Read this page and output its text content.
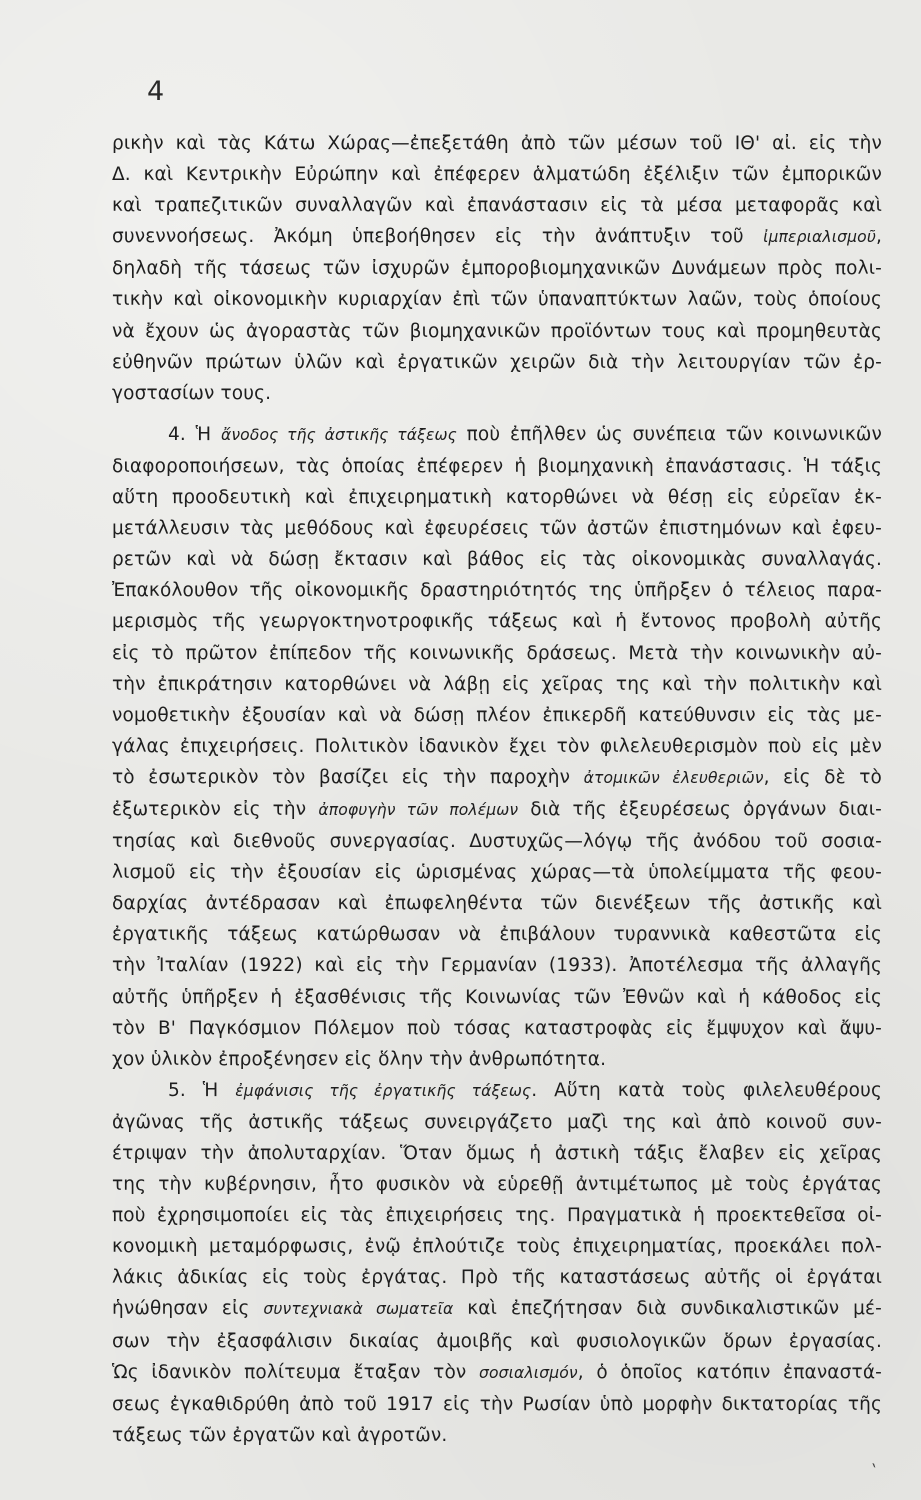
4

ρικὴν καὶ τὰς Κάτω Χώρας—ἐπεξετάθη ἀπὸ τῶν μέσων τοῦ ΙΘ' αἰ. εἰς τὴν

Δ. καὶ Κεντρικὴν Εὐρώπην καὶ ἐπέφερεν ἁλματώδη ἐξέλιξιν τῶν ἐμπορικῶν

καὶ τραπεζιτικῶν συναλλαγῶν καὶ ἐπανάστασιν εἰς τὰ μέσα μεταφορᾶς καὶ

συνεννοήσεως. Ἀκόμη ὑπεβοήθησεν εἰς τὴν ἀνάπτυξιν τοῦ ἰμπεριαλισμοῦ,

δηλαδὴ τῆς τάσεως τῶν ἰσχυρῶν ἐμποροβιομηχανικῶν Δυνάμεων πρὸς πολι-

τικὴν καὶ οἰκονομικὴν κυριαρχίαν ἐπὶ τῶν ὑπαναπτύκτων λαῶν, τοὺς ὁποίους

νὰ ἔχουν ὡς ἀγοραστὰς τῶν βιομηχανικῶν προϊόντων τους καὶ προμηθευτὰς

εὐθηνῶν πρώτων ὑλῶν καὶ ἐργατικῶν χειρῶν διὰ τὴν λειτουργίαν τῶν ἐρ-

γοστασίων τους.

4. Ἡ ἄνοδος τῆς ἀστικῆς τάξεως ποὺ ἐπῆλθεν ὡς συνέπεια τῶν κοινωνικῶν

διαφοροποιήσεων, τὰς ὁποίας ἐπέφερεν ἡ βιομηχανικὴ ἐπανάστασις. Ἡ τάξις

αὕτη προοδευτικὴ καὶ ἐπιχειρηματικὴ κατορθώνει νὰ θέσῃ εἰς εὐρεῖαν ἐκ-

μετάλλευσιν τὰς μεθόδους καὶ ἐφευρέσεις τῶν ἀστῶν ἐπιστημόνων καὶ ἐφευ-

ρετῶν καὶ νὰ δώσῃ ἔκτασιν καὶ βάθος εἰς τὰς οἰκονομικὰς συναλλαγάς.

Ἐπακόλουθον τῆς οἰκονομικῆς δραστηριότητός της ὑπῆρξεν ὁ τέλειος παρα-

μερισμὸς τῆς γεωργοκτηνοτροφικῆς τάξεως καὶ ἡ ἔντονος προβολὴ αὐτῆς

εἰς τὸ πρῶτον ἐπίπεδον τῆς κοινωνικῆς δράσεως. Μετὰ τὴν κοινωνικὴν αὐ-

τὴν ἐπικράτησιν κατορθώνει νὰ λάβῃ εἰς χεῖρας της καὶ τὴν πολιτικὴν καὶ

νομοθετικὴν ἐξουσίαν καὶ νὰ δώσῃ πλέον ἐπικερδῆ κατεύθυνσιν εἰς τὰς με-

γάλας ἐπιχειρήσεις. Πολιτικὸν ἰδανικὸν ἔχει τὸν φιλελευθερισμὸν ποὺ εἰς μὲν

τὸ ἐσωτερικὸν τὸν βασίζει εἰς τὴν παροχὴν ἀτομικῶν ἐλευθεριῶν, εἰς δὲ τὸ

ἐξωτερικὸν εἰς τὴν ἀποφυγὴν τῶν πολέμων διὰ τῆς ἐξευρέσεως ὀργάνων διαι-

τησίας καὶ διεθνοῦς συνεργασίας. Δυστυχῶς—λόγῳ τῆς ἀνόδου τοῦ σοσια-

λισμοῦ εἰς τὴν ἐξουσίαν εἰς ὡρισμένας χώρας—τὰ ὑπολείμματα τῆς φεου-

δαρχίας ἀντέδρασαν καὶ ἐπωφεληθέντα τῶν διενέξεων τῆς ἀστικῆς καὶ

ἐργατικῆς τάξεως κατώρθωσαν νὰ ἐπιβάλουν τυραννικὰ καθεστῶτα εἰς

τὴν Ἰταλίαν (1922) καὶ εἰς τὴν Γερμανίαν (1933). Ἀποτέλεσμα τῆς ἀλλαγῆς

αὐτῆς ὑπῆρξεν ἡ ἐξασθένισις τῆς Κοινωνίας τῶν Ἐθνῶν καὶ ἡ κάθοδος εἰς

τὸν Β' Παγκόσμιον Πόλεμον ποὺ τόσας καταστροφὰς εἰς ἔμψυχον καὶ ἄψυ-

χον ὑλικὸν ἐπροξένησεν εἰς ὅλην τὴν ἀνθρωπότητα.

5. Ἡ ἐμφάνισις τῆς ἐργατικῆς τάξεως. Αὕτη κατὰ τοὺς φιλελευθέρους

ἀγῶνας τῆς ἀστικῆς τάξεως συνειργάζετο μαζὶ της καὶ ἀπὸ κοινοῦ συν-

έτριψαν τὴν ἀπολυταρχίαν. Ὅταν ὅμως ἡ ἀστικὴ τάξις ἔλαβεν εἰς χεῖρας

της τὴν κυβέρνησιν, ἦτο φυσικὸν νὰ εὑρεθῇ ἀντιμέτωπος μὲ τοὺς ἐργάτας

ποὺ ἐχρησιμοποίει εἰς τὰς ἐπιχειρήσεις της. Πραγματικὰ ἡ προεκτεθεῖσα οἰ-

κονομικὴ μεταμόρφωσις, ἐνῷ ἐπλούτιζε τοὺς ἐπιχειρηματίας, προεκάλει πολ-

λάκις ἀδικίας εἰς τοὺς ἐργάτας. Πρὸ τῆς καταστάσεως αὐτῆς οἱ ἐργάται

ἡνώθησαν εἰς συντεχνιακὰ σωματεῖα καὶ ἐπεζήτησαν διὰ συνδικαλιστικῶν μέ-

σων τὴν ἐξασφάλισιν δικαίας ἀμοιβῆς καὶ φυσιολογικῶν ὅρων ἐργασίας.

Ὡς ἰδανικὸν πολίτευμα ἔταξαν τὸν σοσιαλισμόν, ὁ ὁποῖος κατόπιν ἐπαναστά-

σεως ἐγκαθιδρύθη ἀπὸ τοῦ 1917 εἰς τὴν Ρωσίαν ὑπὸ μορφὴν δικτατορίας τῆς

τάξεως τῶν ἐργατῶν καὶ ἀγροτῶν.

ˋ
